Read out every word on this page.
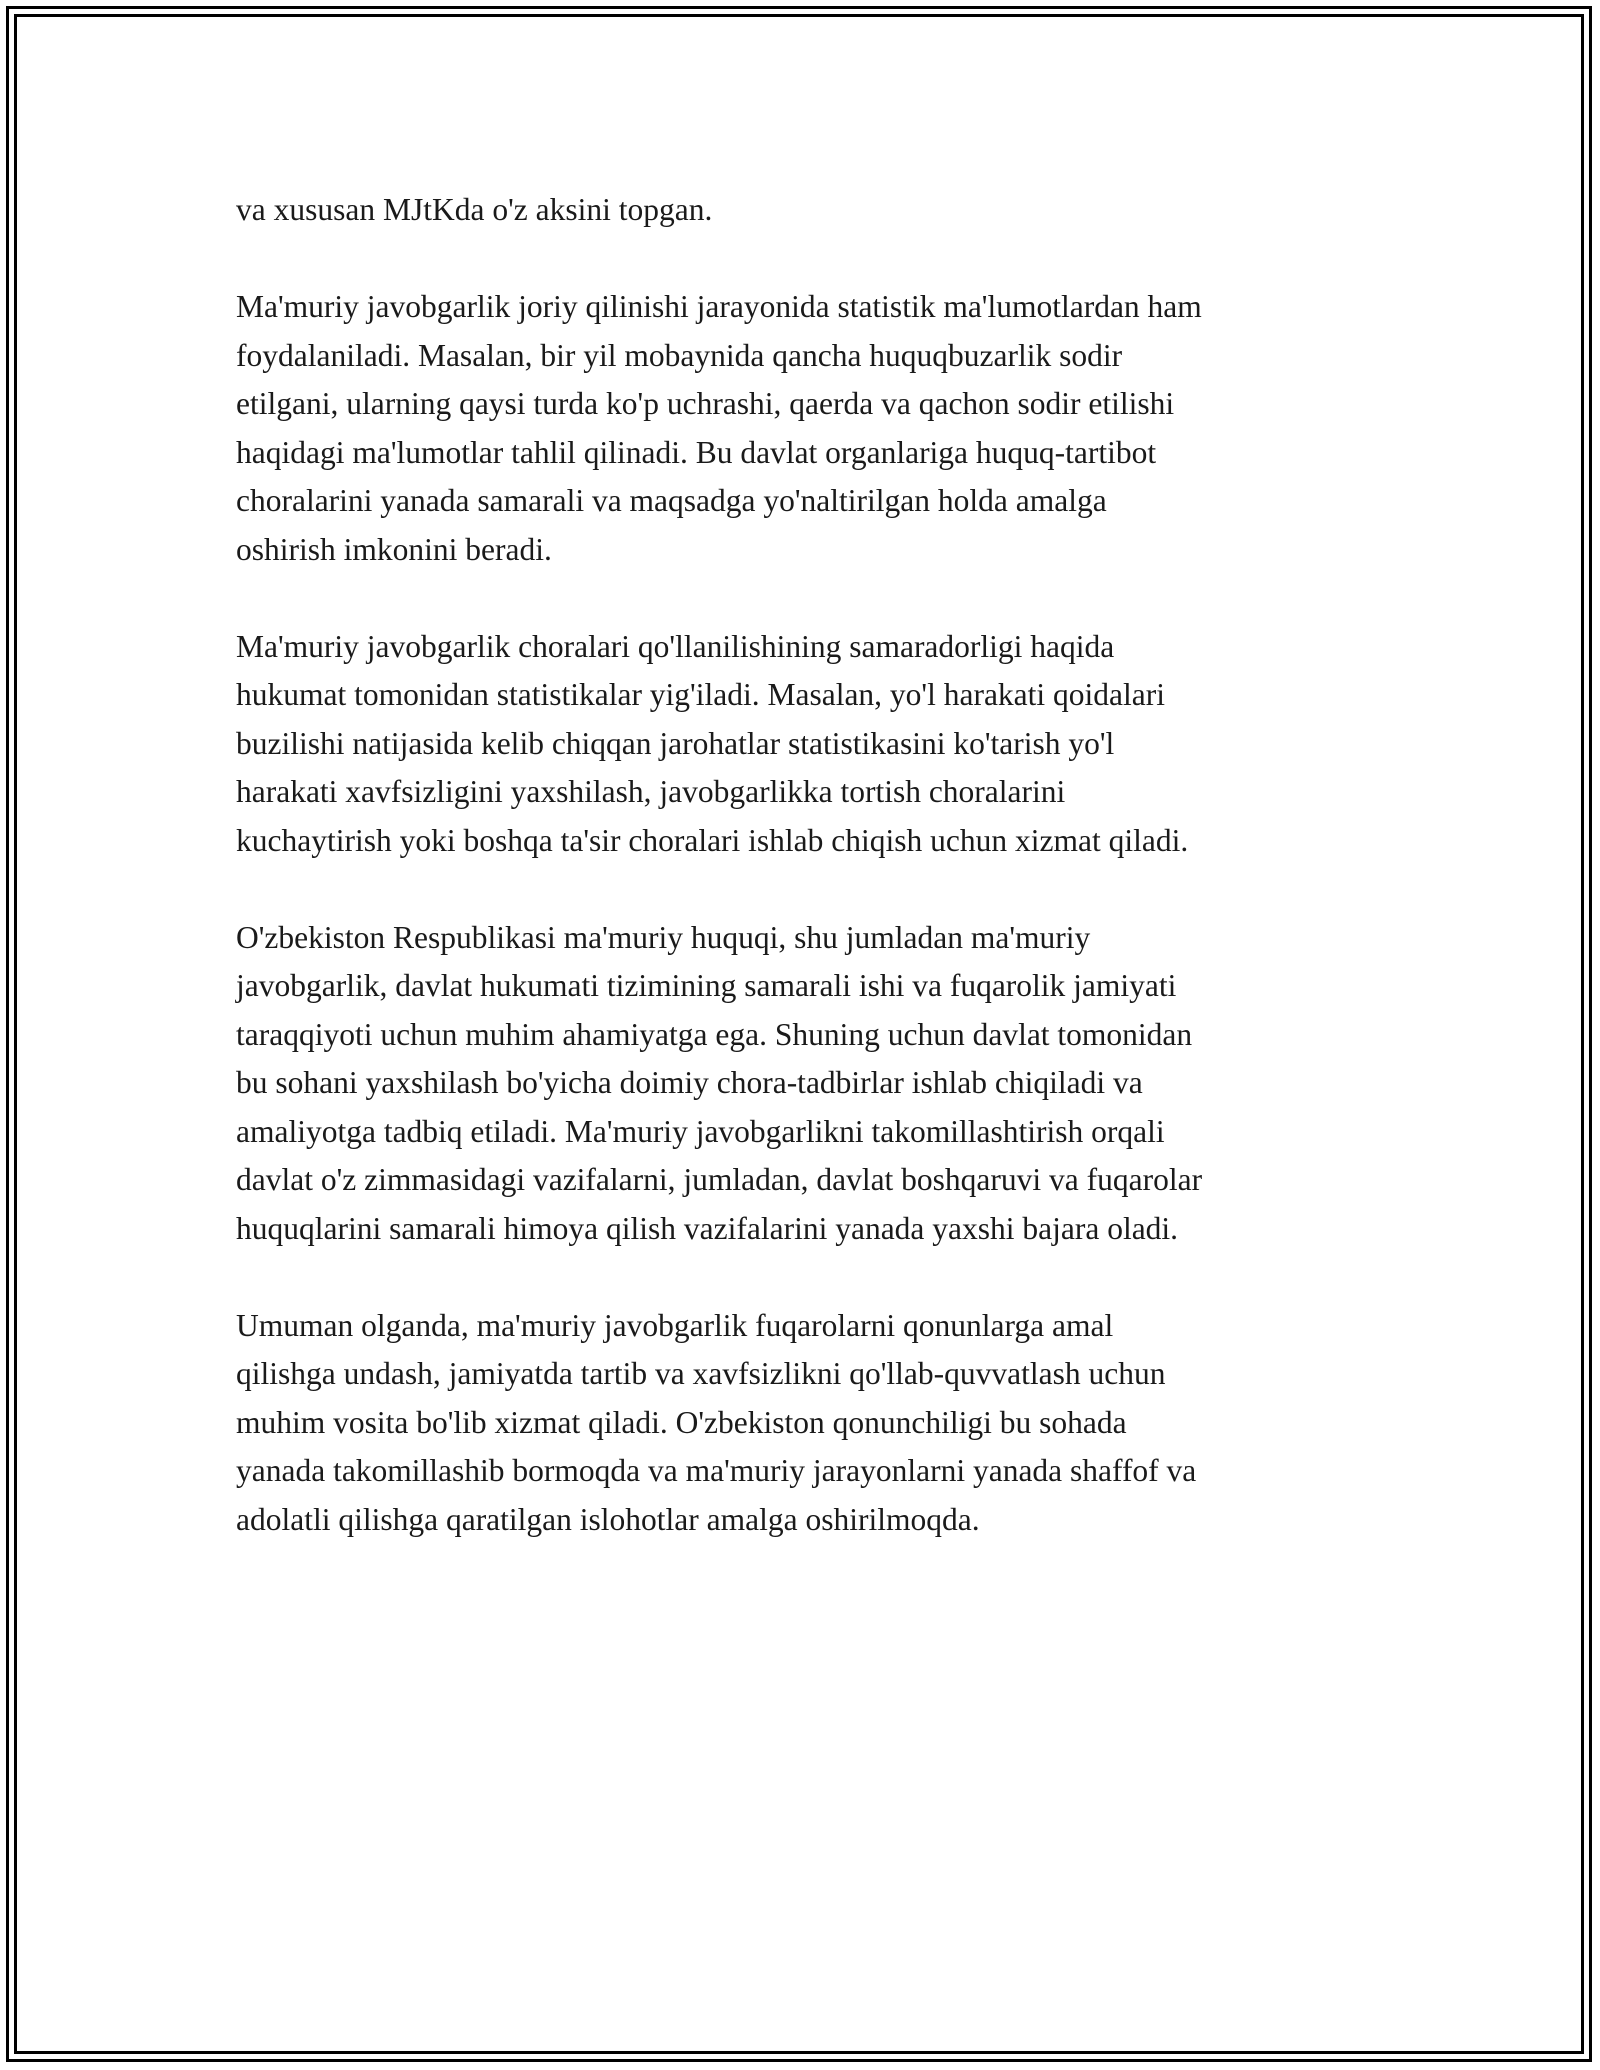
va xususan MJtKda o'z aksini topgan.

Ma'muriy javobgarlik joriy qilinishi jarayonida statistik ma'lumotlardan ham
foydalaniladi. Masalan, bir yil mobaynida qancha huquqbuzarlik sodir
etilgani, ularning qaysi turda ko'p uchrashi, qaerda va qachon sodir etilishi
haqidagi ma'lumotlar tahlil qilinadi. Bu davlat organlariga huquq-tartibot
choralarini yanada samarali va maqsadga yo'naltirilgan holda amalga
oshirish imkonini beradi.

Ma'muriy javobgarlik choralari qo'llanilishining samaradorligi haqida
hukumat tomonidan statistikalar yig'iladi. Masalan, yo'l harakati qoidalari
buzilishi natijasida kelib chiqqan jarohatlar statistikasini ko'tarish yo'l
harakati xavfsizligini yaxshilash, javobgarlikka tortish choralarini
kuchaytirish yoki boshqa ta'sir choralari ishlab chiqish uchun xizmat qiladi.

O'zbekiston Respublikasi ma'muriy huquqi, shu jumladan ma'muriy
javobgarlik, davlat hukumati tizimining samarali ishi va fuqarolik jamiyati
taraqqiyoti uchun muhim ahamiyatga ega. Shuning uchun davlat tomonidan
bu sohani yaxshilash bo'yicha doimiy chora-tadbirlar ishlab chiqiladi va
amaliyotga tadbiq etiladi. Ma'muriy javobgarlikni takomillashtirish orqali
davlat o'z zimmasidagi vazifalarni, jumladan, davlat boshqaruvi va fuqarolar
huquqlarini samarali himoya qilish vazifalarini yanada yaxshi bajara oladi.

Umuman olganda, ma'muriy javobgarlik fuqarolarni qonunlarga amal
qilishga undash, jamiyatda tartib va xavfsizlikni qo'llab-quvvatlash uchun
muhim vosita bo'lib xizmat qiladi. O'zbekiston qonunchiligi bu sohada
yanada takomillashib bormoqda va ma'muriy jarayonlarni yanada shaffof va
adolatli qilishga qaratilgan islohotlar amalga oshirilmoqda.
